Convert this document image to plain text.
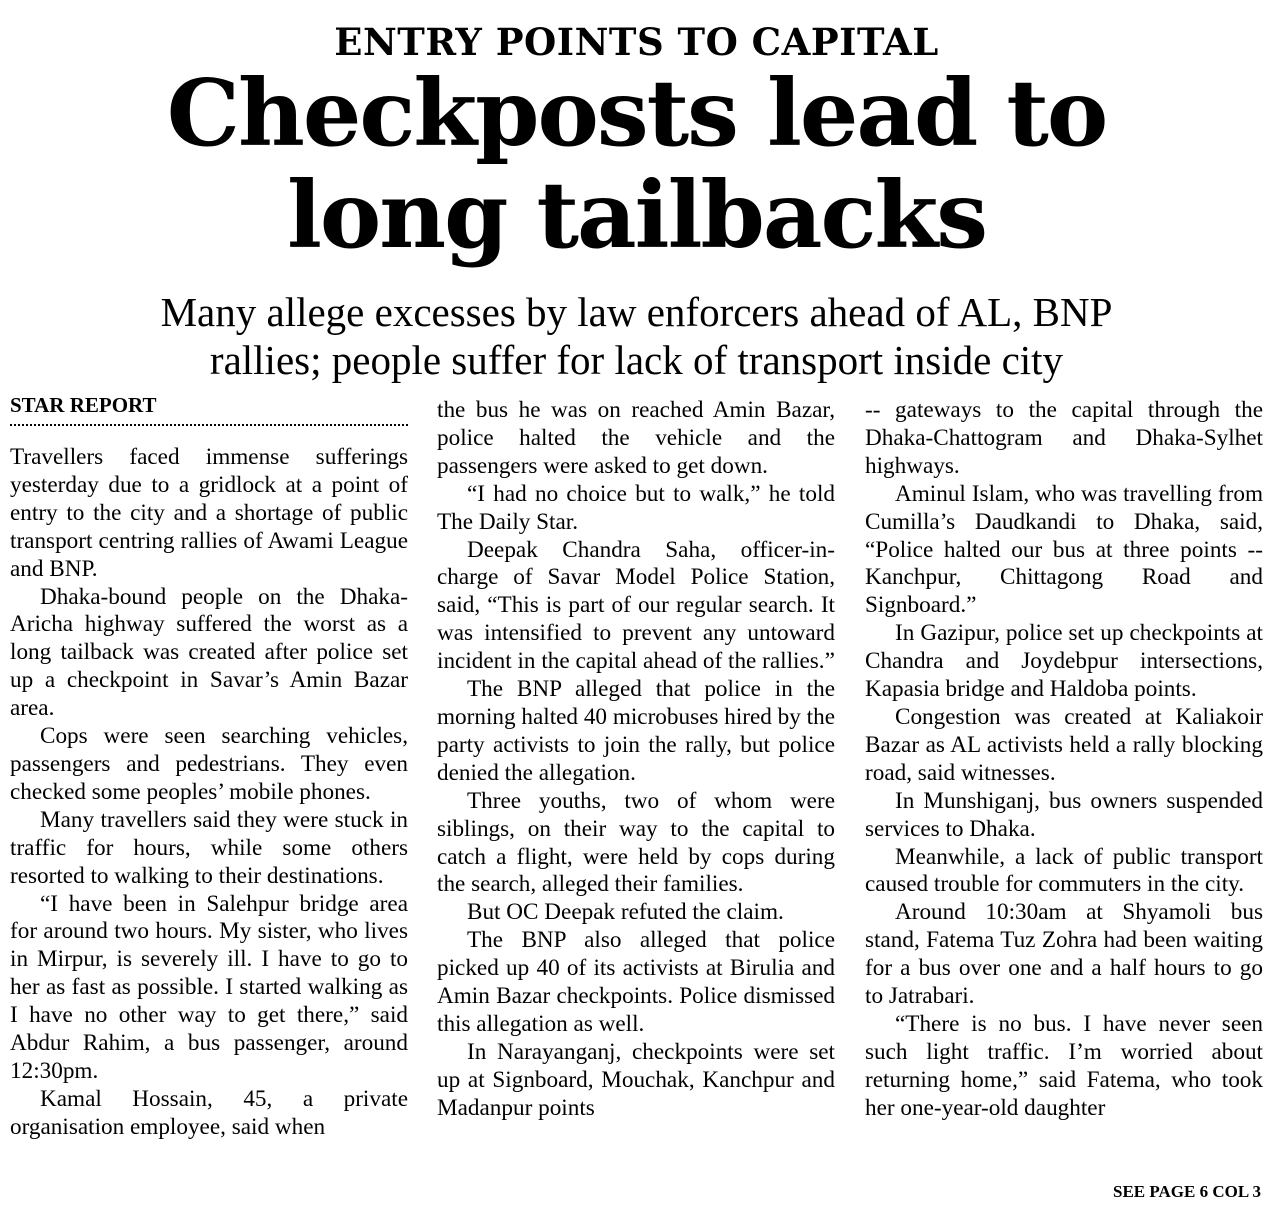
ENTRY POINTS TO CAPITAL
Checkposts lead to
long tailbacks
Many allege excesses by law enforcers ahead of AL, BNP
rallies; people suffer for lack of transport inside city
STAR REPORT

Travellers faced immense sufferings yesterday due to a gridlock at a point of entry to the city and a shortage of public transport centring rallies of Awami League and BNP.

Dhaka-bound people on the Dhaka-Aricha highway suffered the worst as a long tailback was created after police set up a checkpoint in Savar’s Amin Bazar area.

Cops were seen searching vehicles, passengers and pedestrians. They even checked some peoples’ mobile phones.

Many travellers said they were stuck in traffic for hours, while some others resorted to walking to their destinations.

“I have been in Salehpur bridge area for around two hours. My sister, who lives in Mirpur, is severely ill. I have to go to her as fast as possible. I started walking as I have no other way to get there,” said Abdur Rahim, a bus passenger, around 12:30pm.

Kamal Hossain, 45, a private organisation employee, said when

the bus he was on reached Amin Bazar, police halted the vehicle and the passengers were asked to get down.

“I had no choice but to walk,” he told The Daily Star.

Deepak Chandra Saha, officer-in-charge of Savar Model Police Station, said, “This is part of our regular search. It was intensified to prevent any untoward incident in the capital ahead of the rallies.”

The BNP alleged that police in the morning halted 40 microbuses hired by the party activists to join the rally, but police denied the allegation.

Three youths, two of whom were siblings, on their way to the capital to catch a flight, were held by cops during the search, alleged their families.

But OC Deepak refuted the claim.

The BNP also alleged that police picked up 40 of its activists at Birulia and Amin Bazar checkpoints. Police dismissed this allegation as well.

In Narayanganj, checkpoints were set up at Signboard, Mouchak, Kanchpur and Madanpur points

-- gateways to the capital through the Dhaka-Chattogram and Dhaka-Sylhet highways.

Aminul Islam, who was travelling from Cumilla’s Daudkandi to Dhaka, said, “Police halted our bus at three points -- Kanchpur, Chittagong Road and Signboard.”

In Gazipur, police set up checkpoints at Chandra and Joydebpur intersections, Kapasia bridge and Haldoba points.

Congestion was created at Kaliakoir Bazar as AL activists held a rally blocking road, said witnesses.

In Munshiganj, bus owners suspended services to Dhaka.

Meanwhile, a lack of public transport caused trouble for commuters in the city.

Around 10:30am at Shyamoli bus stand, Fatema Tuz Zohra had been waiting for a bus over one and a half hours to go to Jatrabari.

“There is no bus. I have never seen such light traffic. I’m worried about returning home,” said Fatema, who took her one-year-old daughter

SEE PAGE 6 COL 3
